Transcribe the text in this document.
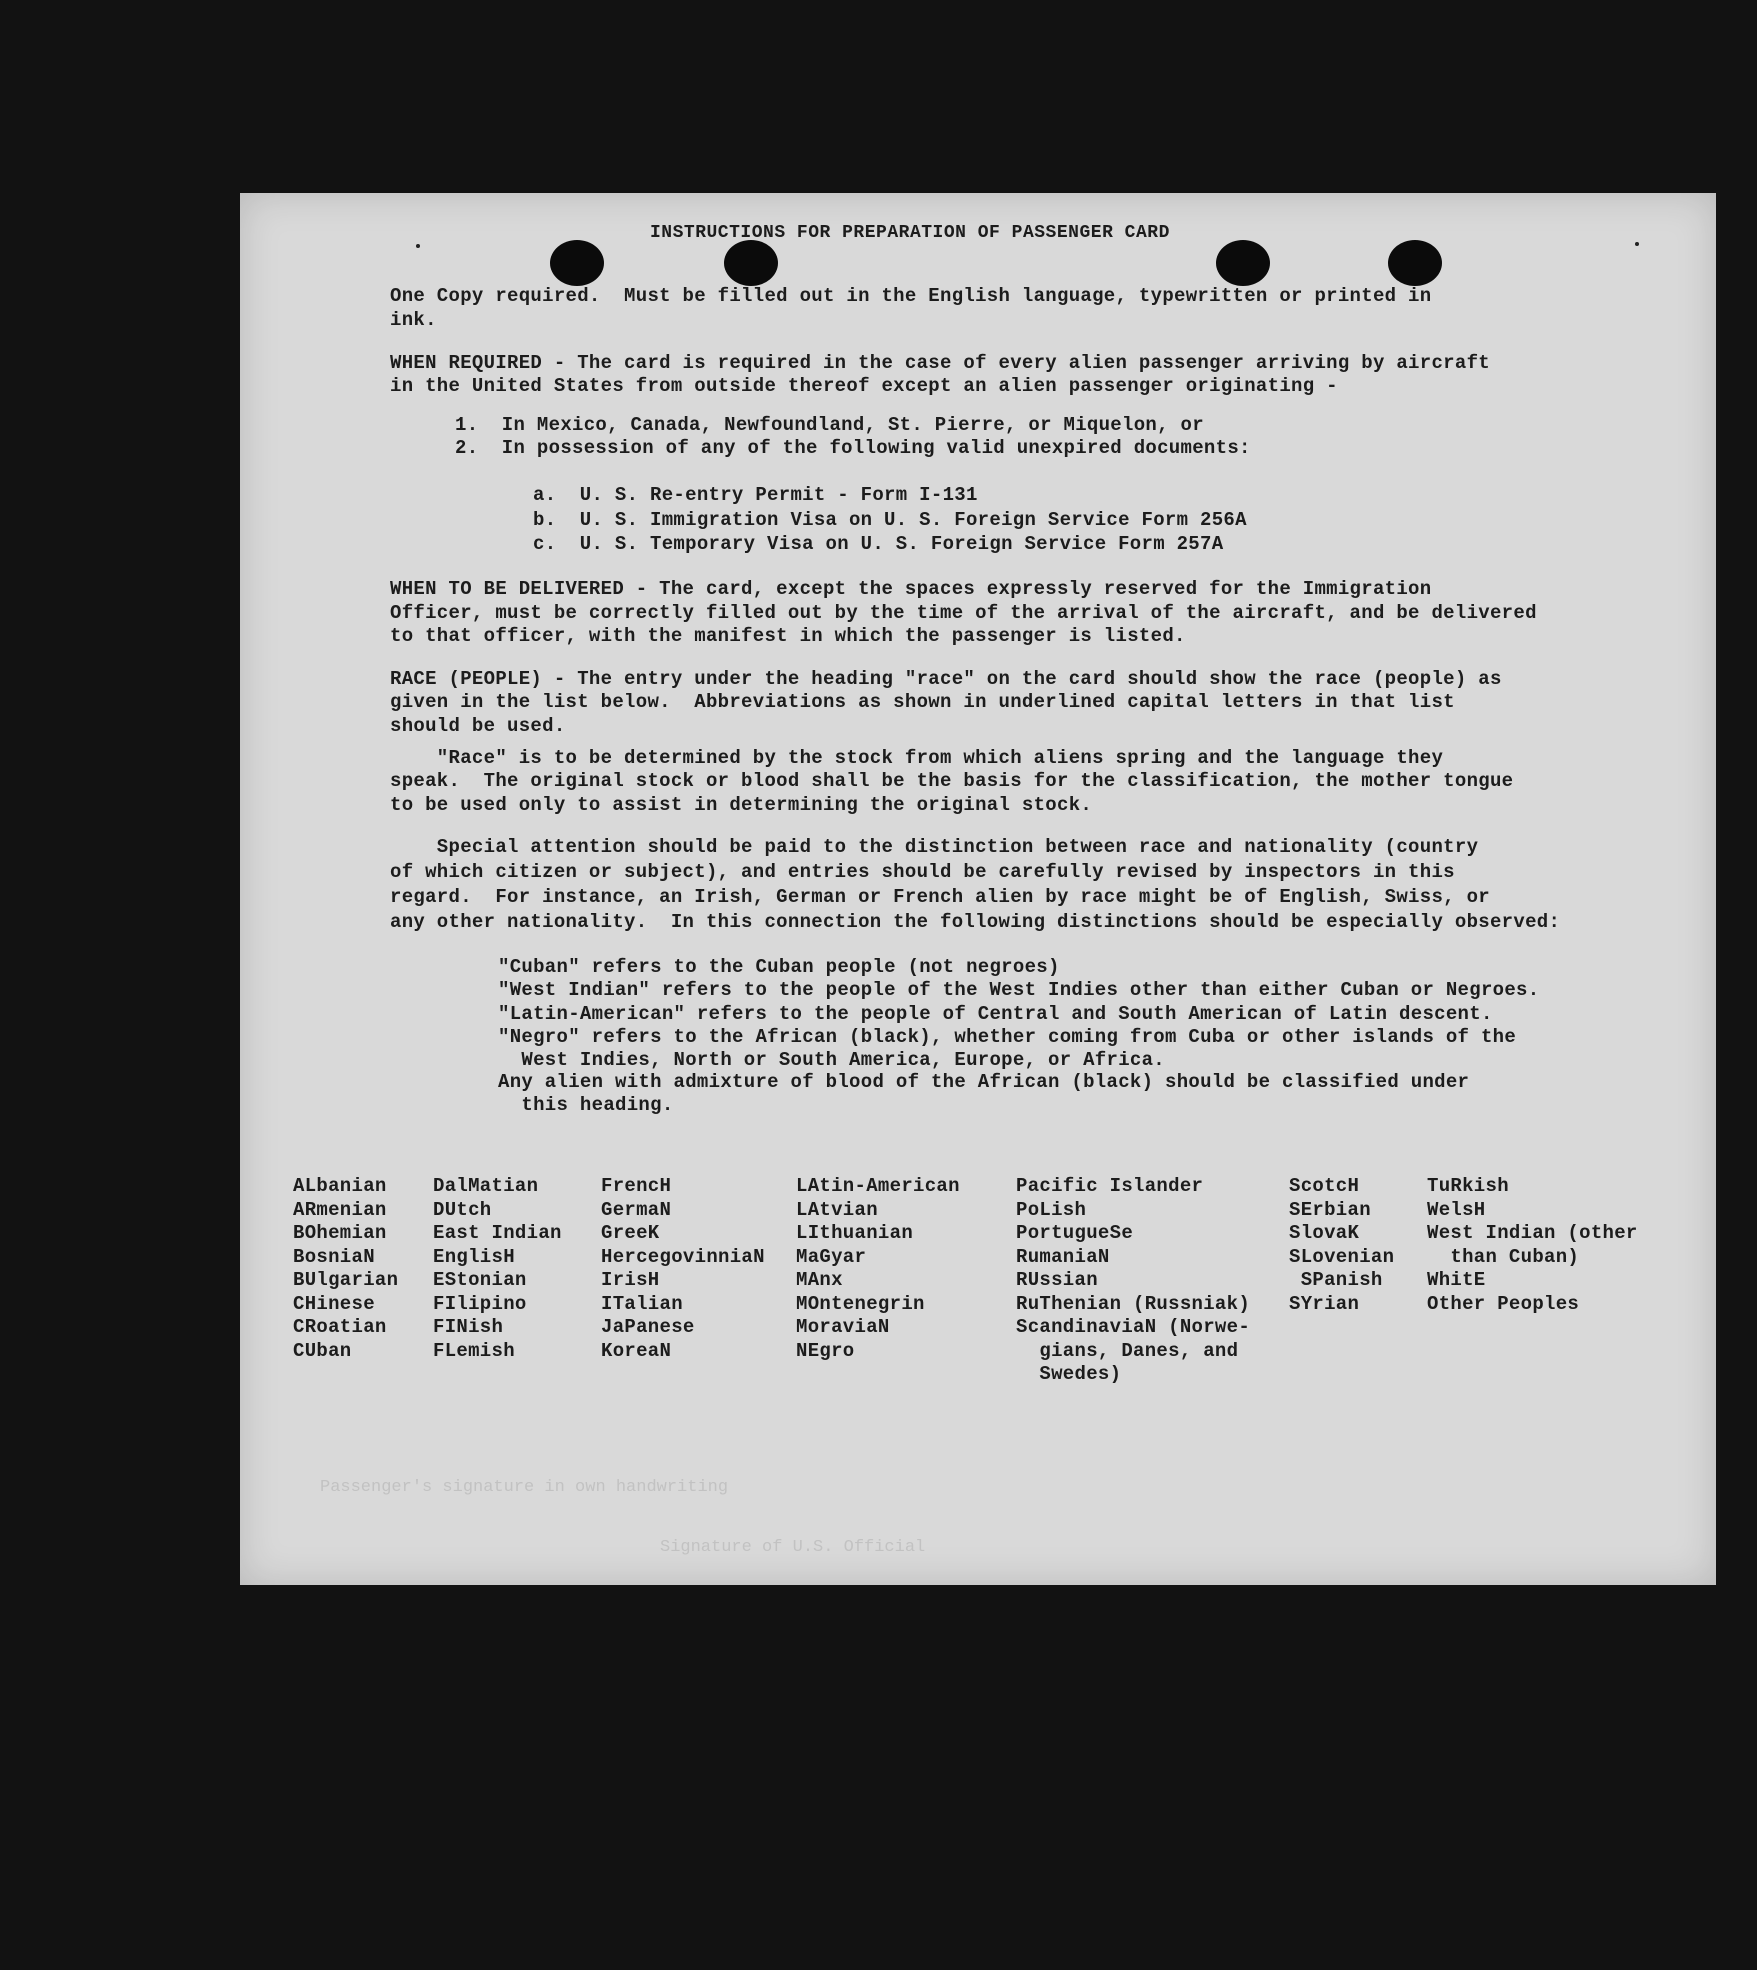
INSTRUCTIONS FOR PREPARATION OF PASSENGER CARD
One Copy required.  Must be filled out in the English language, typewritten or printed in
ink.
WHEN REQUIRED - The card is required in the case of every alien passenger arriving by aircraft
in the United States from outside thereof except an alien passenger originating -
1.  In Mexico, Canada, Newfoundland, St. Pierre, or Miquelon, or
2.  In possession of any of the following valid unexpired documents:
a.  U. S. Re-entry Permit - Form I-131
b.  U. S. Immigration Visa on U. S. Foreign Service Form 256A
c.  U. S. Temporary Visa on U. S. Foreign Service Form 257A
WHEN TO BE DELIVERED - The card, except the spaces expressly reserved for the Immigration
Officer, must be correctly filled out by the time of the arrival of the aircraft, and be delivered
to that officer, with the manifest in which the passenger is listed.
RACE (PEOPLE) - The entry under the heading "race" on the card should show the race (people) as
given in the list below.  Abbreviations as shown in underlined capital letters in that list
should be used.
"Race" is to be determined by the stock from which aliens spring and the language they
speak.  The original stock or blood shall be the basis for the classification, the mother tongue
to be used only to assist in determining the original stock.
Special attention should be paid to the distinction between race and nationality (country
of which citizen or subject), and entries should be carefully revised by inspectors in this
regard.  For instance, an Irish, German or French alien by race might be of English, Swiss, or
any other nationality.  In this connection the following distinctions should be especially observed:
"Cuban" refers to the Cuban people (not negroes)
"West Indian" refers to the people of the West Indies other than either Cuban or Negroes.
"Latin-American" refers to the people of Central and South American of Latin descent.
"Negro" refers to the African (black), whether coming from Cuba or other islands of the
West Indies, North or South America, Europe, or Africa.
Any alien with admixture of blood of the African (black) should be classified under
this heading.
ALbanian
ARmenian
BOhemian
BosniaN
BUlgarian
CHinese
CRoatian
CUban
DalMatian
DUtch
East Indian
EnglisH
EStonian
FIlipino
FINish
FLemish
FrencH
GermaN
GreeK
HercegovinniaN
IrisH
ITalian
JaPanese
KoreaN
LAtin-American
LAtvian
LIthuanian
MaGyar
MAnx
MOntenegrin
MoraviaN
NEgro
Pacific Islander
PoLish
PortugueSe
RumaniaN
RUssian
RuThenian (Russniak)
ScandinaviaN (Norwe-
gians, Danes, and
Swedes)
ScotcH
SErbian
SlovaK
SLovenian
SPanish
SYrian
TuRkish
WelsH
West Indian (other
than Cuban)
WhitE
Other Peoples
Passenger's signature in own handwriting
Signature of U.S. Official
